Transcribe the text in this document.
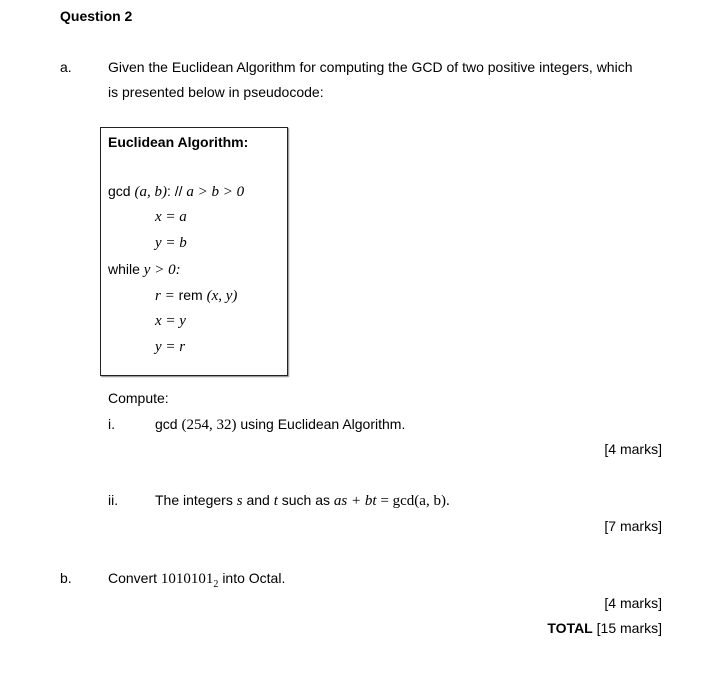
Question 2
a.	Given the Euclidean Algorithm for computing the GCD of two positive integers, which
is presented below in pseudocode:
Euclidean Algorithm:
gcd (a, b): // a > b > 0
x = a
y = b
while y > 0:
r = rem (x, y)
x = y
y = r
Compute:
i.	gcd (254, 32) using Euclidean Algorithm.
[4 marks]
ii.	The integers s and t such as as + bt = gcd(a, b).
[7 marks]
b.	Convert $1010101_2$ into Octal.
[4 marks]
TOTAL [15 marks]
